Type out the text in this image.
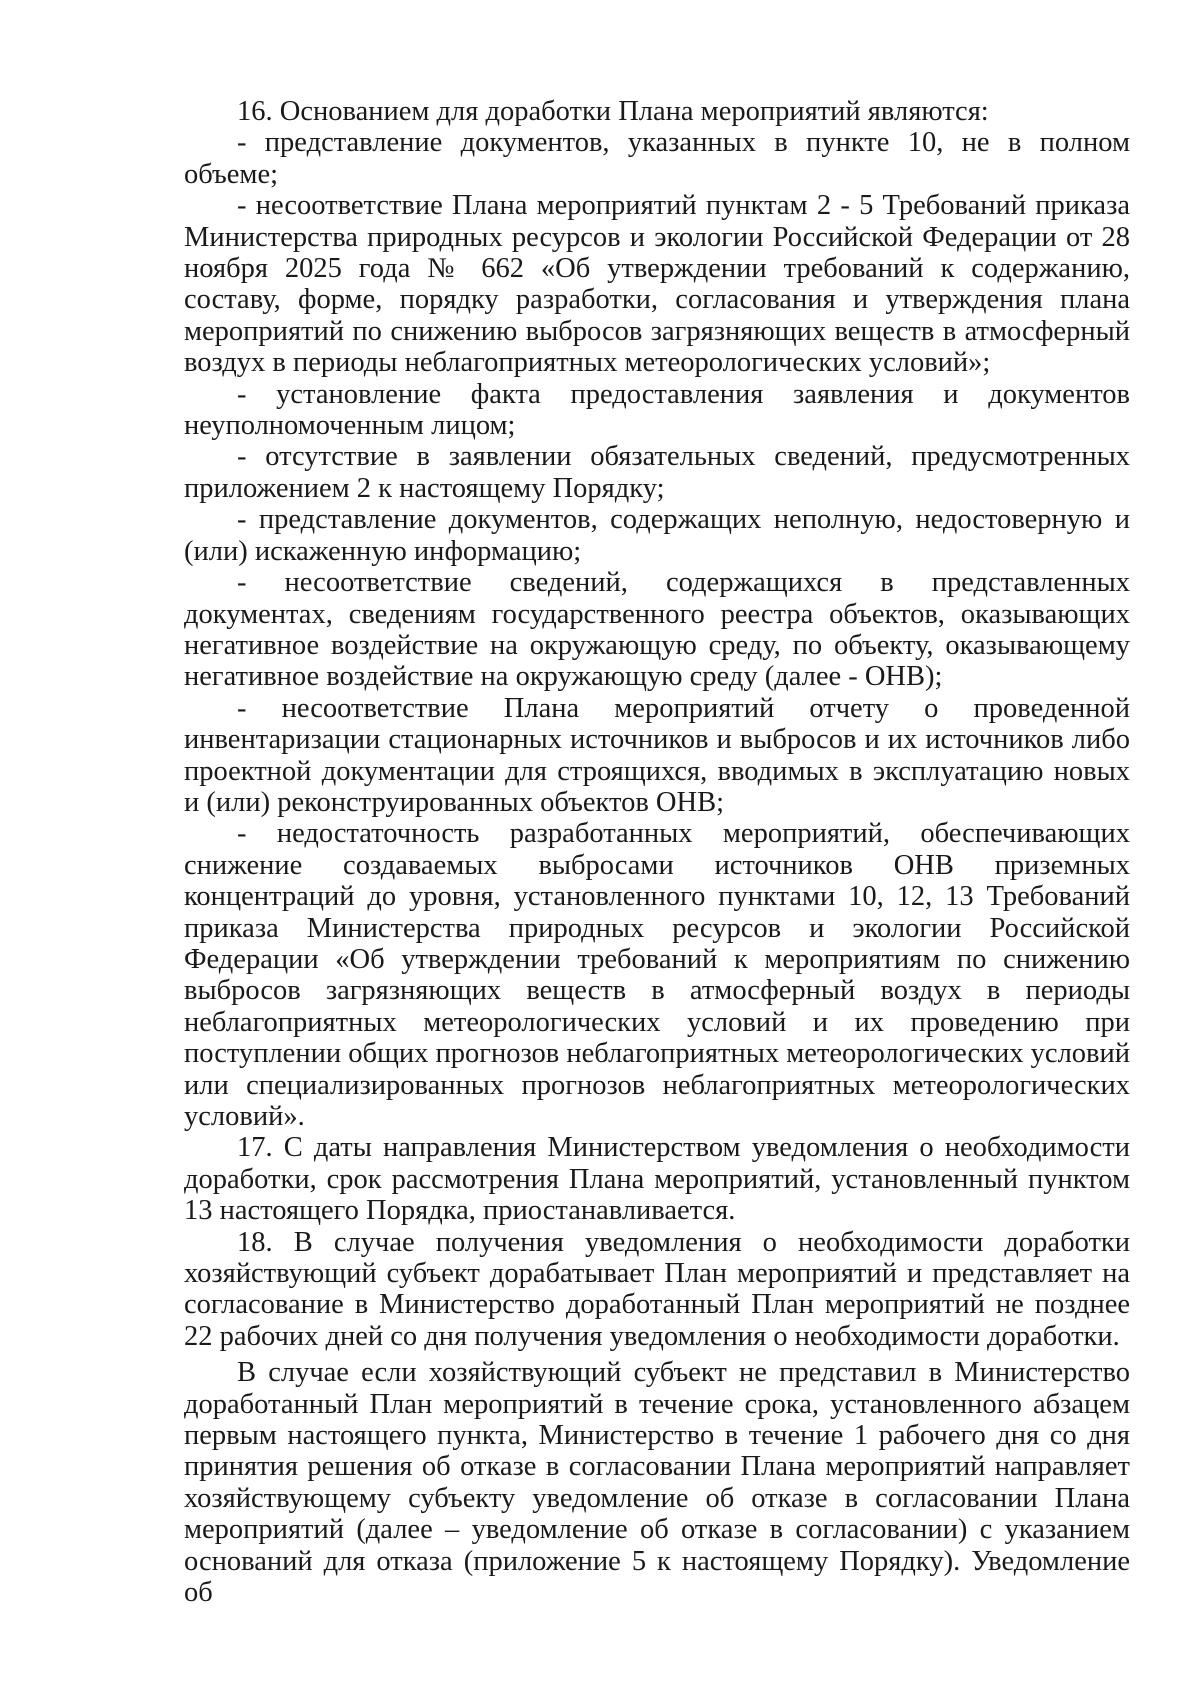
16. Основанием для доработки Плана мероприятий являются:

- представление документов, указанных в пункте 10, не в полном объеме;

- несоответствие Плана мероприятий пунктам 2 - 5 Требований приказа Министерства природных ресурсов и экологии Российской Федерации от 28 ноября 2025 года № 662 «Об утверждении требований к содержанию, составу, форме, порядку разработки, согласования и утверждения плана мероприятий по снижению выбросов загрязняющих веществ в атмосферный воздух в периоды неблагоприятных метеорологических условий»;

- установление факта предоставления заявления и документов неуполномоченным лицом;

- отсутствие в заявлении обязательных сведений, предусмотренных приложением 2 к настоящему Порядку;

- представление документов, содержащих неполную, недостоверную и (или) искаженную информацию;

- несоответствие сведений, содержащихся в представленных документах, сведениям государственного реестра объектов, оказывающих негативное воздействие на окружающую среду, по объекту, оказывающему негативное воздействие на окружающую среду (далее - ОНВ);

- несоответствие Плана мероприятий отчету о проведенной инвентаризации стационарных источников и выбросов и их источников либо проектной документации для строящихся, вводимых в эксплуатацию новых и (или) реконструированных объектов ОНВ;

- недостаточность разработанных мероприятий, обеспечивающих снижение создаваемых выбросами источников ОНВ приземных концентраций до уровня, установленного пунктами 10, 12, 13 Требований приказа Министерства природных ресурсов и экологии Российской Федерации «Об утверждении требований к мероприятиям по снижению выбросов загрязняющих веществ в атмосферный воздух в периоды неблагоприятных метеорологических условий и их проведению при поступлении общих прогнозов неблагоприятных метеорологических условий или специализированных прогнозов неблагоприятных метеорологических условий».

17. С даты направления Министерством уведомления о необходимости доработки, срок рассмотрения Плана мероприятий, установленный пунктом 13 настоящего Порядка, приостанавливается.

18. В случае получения уведомления о необходимости доработки хозяйствующий субъект дорабатывает План мероприятий и представляет на согласование в Министерство доработанный План мероприятий не позднее 22 рабочих дней со дня получения уведомления о необходимости доработки.

В случае если хозяйствующий субъект не представил в Министерство доработанный План мероприятий в течение срока, установленного абзацем первым настоящего пункта, Министерство в течение 1 рабочего дня со дня принятия решения об отказе в согласовании Плана мероприятий направляет хозяйствующему субъекту уведомление об отказе в согласовании Плана мероприятий (далее – уведомление об отказе в согласовании) с указанием оснований для отказа (приложение 5 к настоящему Порядку). Уведомление об
